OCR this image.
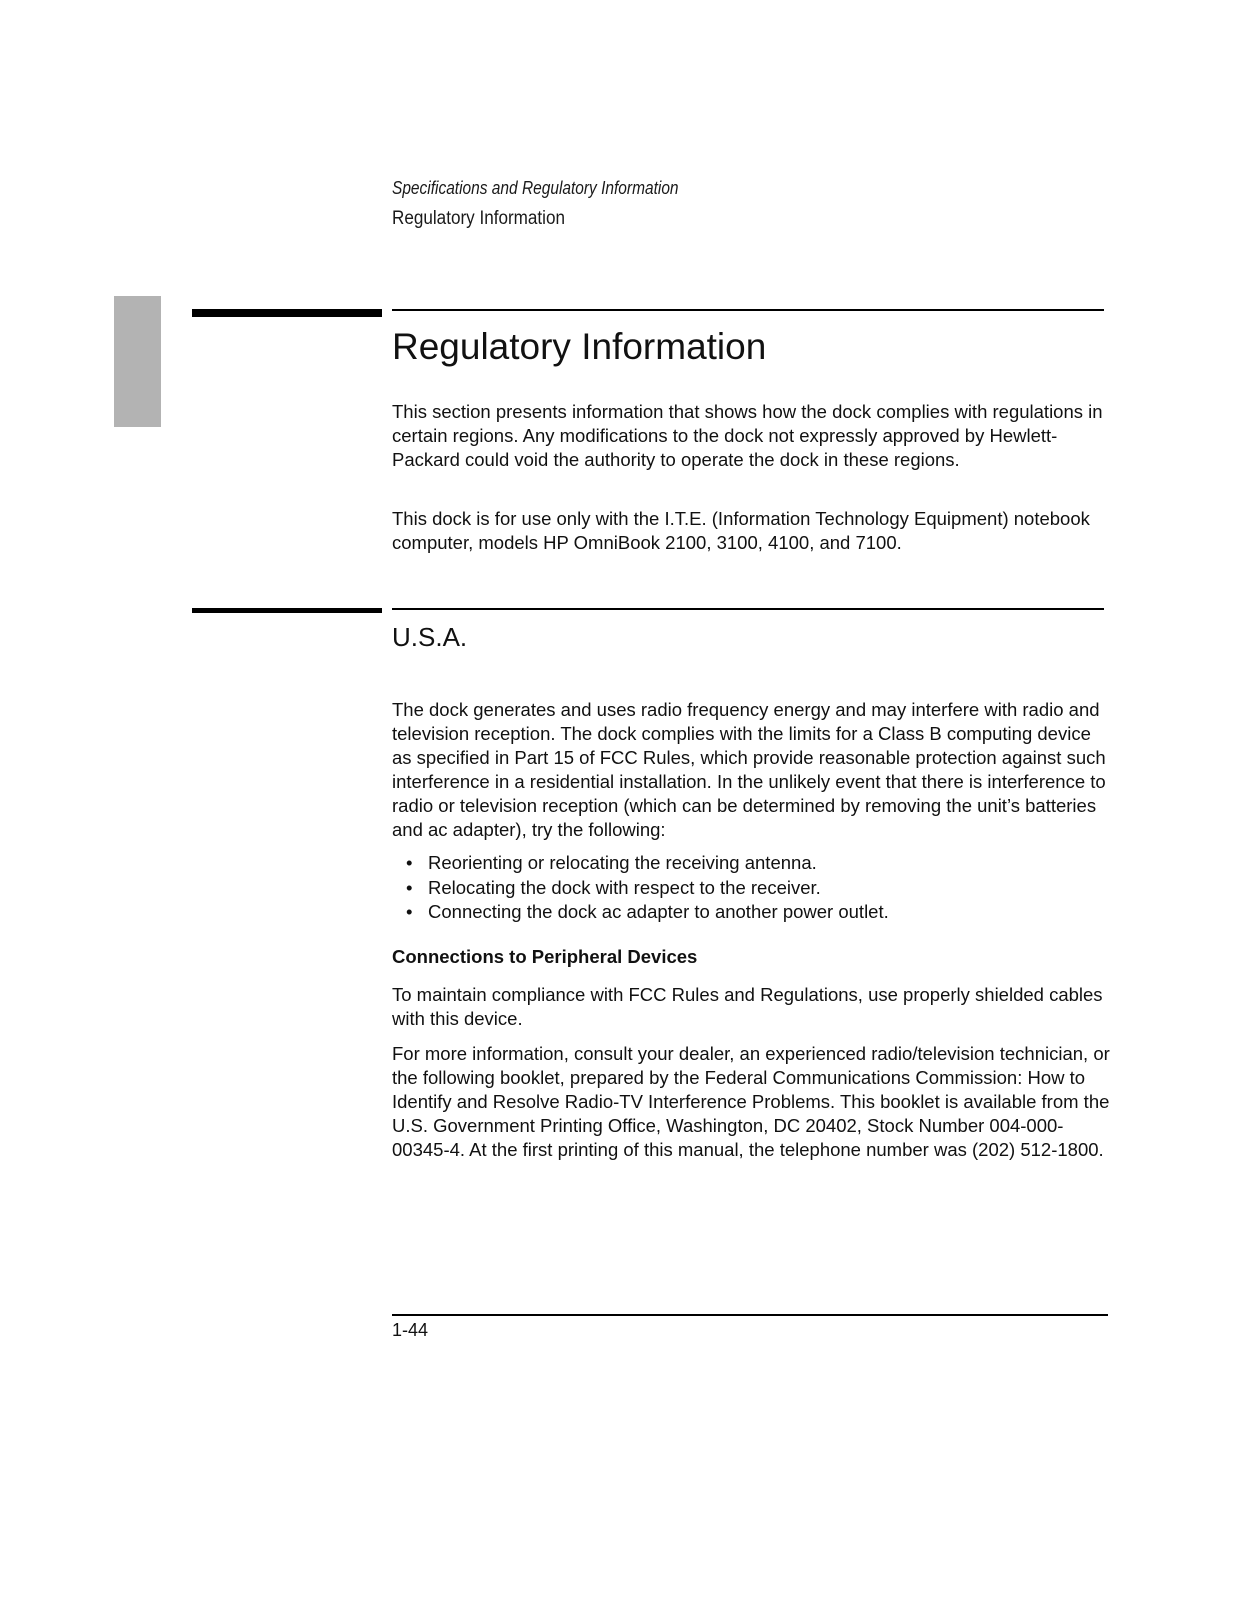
Specifications and Regulatory Information
Regulatory Information
Regulatory Information

This section presents information that shows how the dock complies with regulations in certain regions. Any modifications to the dock not expressly approved by Hewlett-Packard could void the authority to operate the dock in these regions.

This dock is for use only with the I.T.E. (Information Technology Equipment) notebook computer, models HP OmniBook 2100, 3100, 4100, and 7100.

U.S.A.

The dock generates and uses radio frequency energy and may interfere with radio and television reception. The dock complies with the limits for a Class B computing device as specified in Part 15 of FCC Rules, which provide reasonable protection against such interference in a residential installation. In the unlikely event that there is interference to radio or television reception (which can be determined by removing the unit’s batteries and ac adapter), try the following:

• Reorienting or relocating the receiving antenna.
• Relocating the dock with respect to the receiver.
• Connecting the dock ac adapter to another power outlet.
Connections to Peripheral Devices

To maintain compliance with FCC Rules and Regulations, use properly shielded cables with this device.

For more information, consult your dealer, an experienced radio/television technician, or the following booklet, prepared by the Federal Communications Commission: How to Identify and Resolve Radio-TV Interference Problems. This booklet is available from the U.S. Government Printing Office, Washington, DC 20402, Stock Number 004-000-00345-4. At the first printing of this manual, the telephone number was (202) 512-1800.

1-44
